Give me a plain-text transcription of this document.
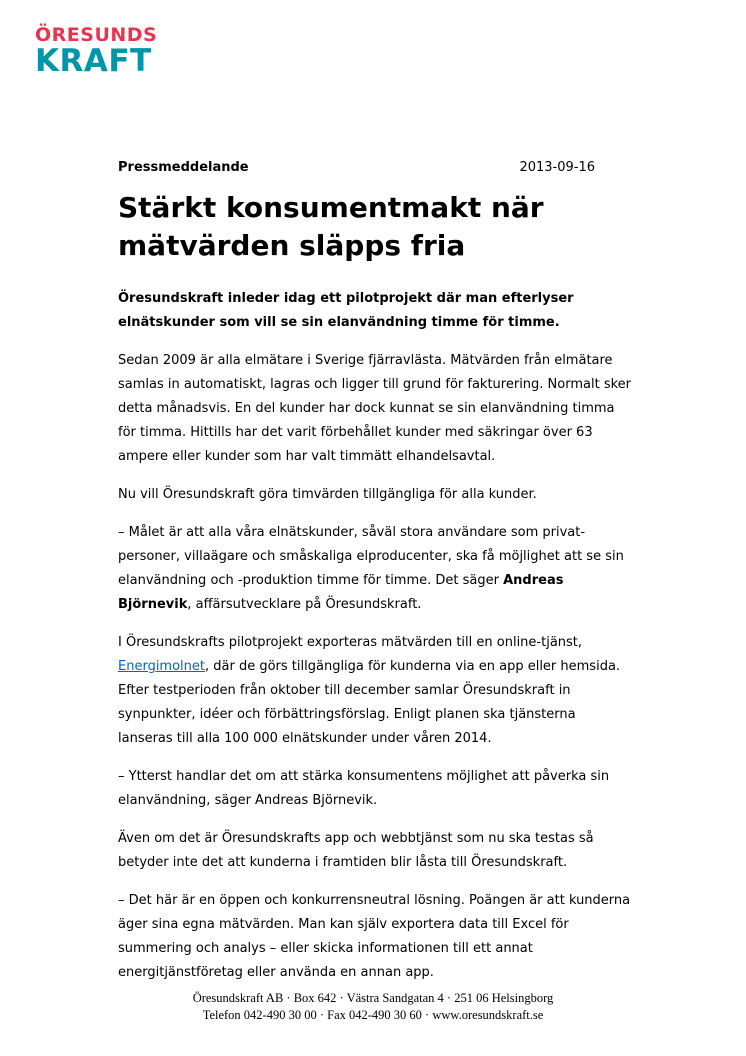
ÖRESUNDS
KRAFT
Pressmeddelande	2013-09-16
Stärkt konsumentmakt när mätvärden släpps fria

Öresundskraft inleder idag ett pilotprojekt där man efterlyser elnätskunder som vill se sin elanvändning timme för timme.

Sedan 2009 är alla elmätare i Sverige fjärravlästa. Mätvärden från elmätare samlas in automatiskt, lagras och ligger till grund för fakturering. Normalt sker detta månadsvis. En del kunder har dock kunnat se sin elanvändning timma för timma. Hittills har det varit förbehållet kunder med säkringar över 63 ampere eller kunder som har valt timmätt elhandelsavtal.

Nu vill Öresundskraft göra timvärden tillgängliga för alla kunder.

– Målet är att alla våra elnätskunder, såväl stora användare som privat-personer, villaägare och småskaliga elproducenter, ska få möjlighet att se sin elanvändning och -produktion timme för timme. Det säger Andreas Björnevik, affärsutvecklare på Öresundskraft.

I Öresundskrafts pilotprojekt exporteras mätvärden till en online-tjänst, Energimolnet, där de görs tillgängliga för kunderna via en app eller hemsida. Efter testperioden från oktober till december samlar Öresundskraft in synpunkter, idéer och förbättringsförslag. Enligt planen ska tjänsterna lanseras till alla 100 000 elnätskunder under våren 2014.

– Ytterst handlar det om att stärka konsumentens möjlighet att påverka sin elanvändning, säger Andreas Björnevik.

Även om det är Öresundskrafts app och webbtjänst som nu ska testas så betyder inte det att kunderna i framtiden blir låsta till Öresundskraft.

– Det här är en öppen och konkurrensneutral lösning. Poängen är att kunderna äger sina egna mätvärden. Man kan själv exportera data till Excel för summering och analys – eller skicka informationen till ett annat energitjänstföretag eller använda en annan app.

Öresundskraft AB · Box 642 · Västra Sandgatan 4 · 251 06 Helsingborg
Telefon 042-490 30 00 · Fax 042-490 30 60 · www.oresundskraft.se
